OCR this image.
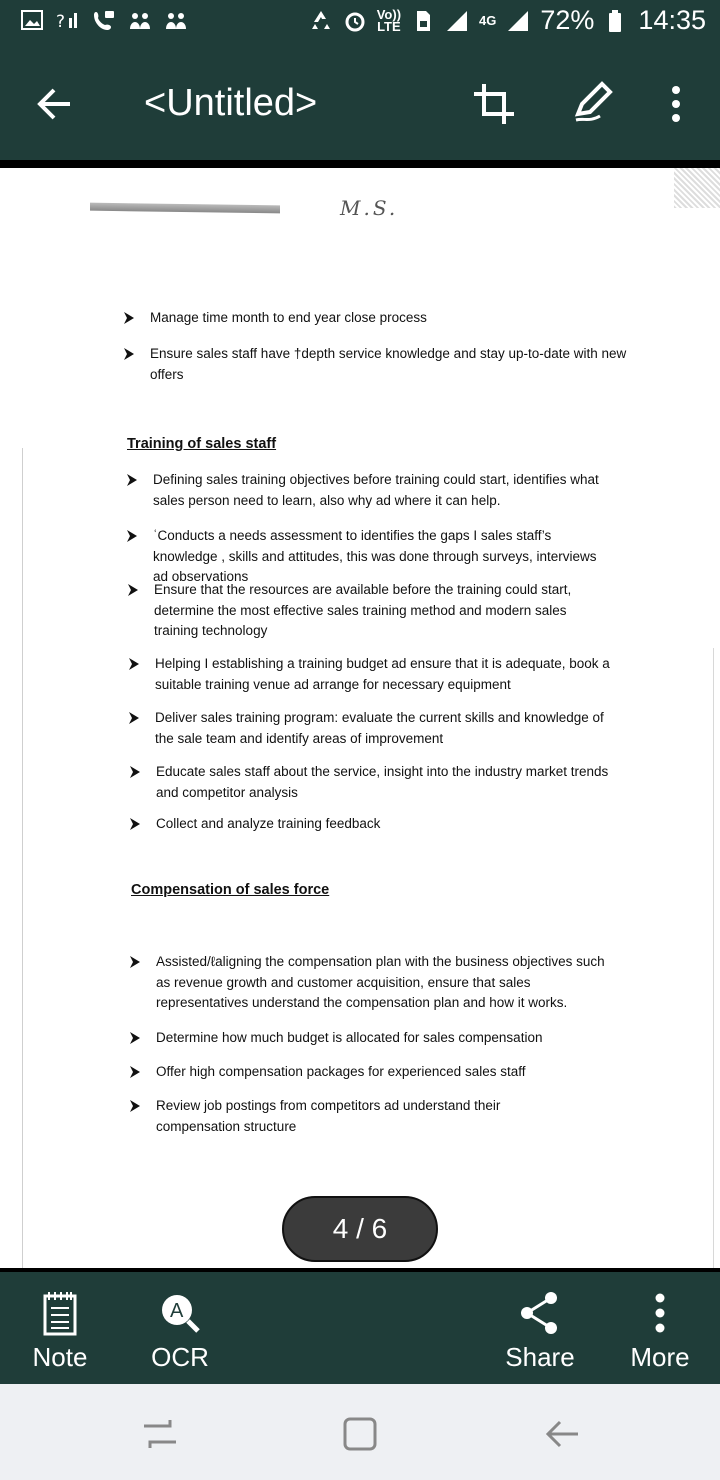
?	Vo))
LTE	4G 72% 14:35
<Untitled>
M.S.
Manage time month to end year close process
Ensure sales staff have †depth service knowledge and stay up-to-date with new offers
Training of sales staff
Defining sales training objectives before training could start, identifies what sales person need to learn, also why ad where it can help.
ʿConducts a needs assessment to identifies the gaps I sales staff’s knowledge , skills and attitudes, this was done through surveys, interviews ad observations
Ensure that the resources are available before the training could start, determine the most effective sales training method and modern sales training technology
Helping I establishing a training budget ad ensure that it is adequate, book a suitable training venue ad arrange for necessary equipment
Deliver sales training program: evaluate the current skills and knowledge of the sale team and identify areas of improvement
Educate sales staff about the service, insight into the industry market trends and competitor analysis
Collect and analyze training feedback
Compensation of sales force
Assisted/ℓaligning the compensation plan with the business objectives such as revenue growth and customer acquisition, ensure that sales representatives understand the compensation plan and how it works.
Determine how much budget is allocated for sales compensation
Offer high compensation packages for experienced sales staff
Review job postings from competitors ad understand their compensation structure
4 / 6
Note
A
OCR	Share	More
